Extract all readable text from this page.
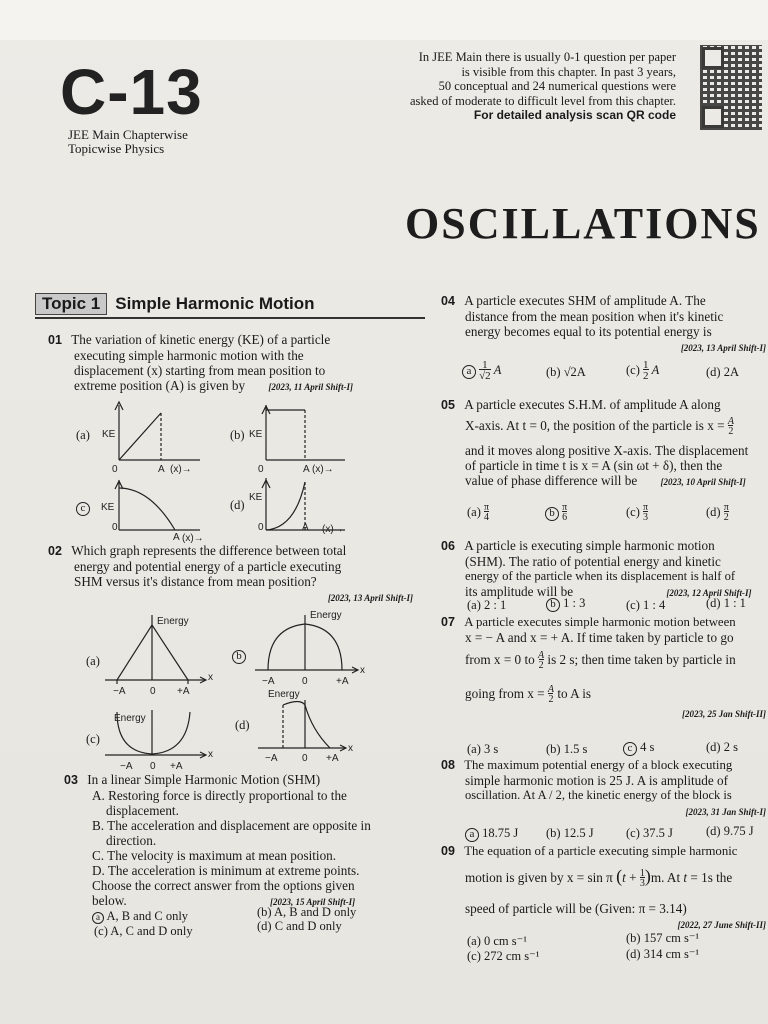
C-13
JEE Main Chapterwise
Topicwise Physics
In JEE Main there is usually 0-1 question per paper
is visible from this chapter. In past 3 years,
50 conceptual and 24 numerical questions were
asked of moderate to difficult level from this chapter.
For detailed analysis scan QR code
OSCILLATIONS
Topic 1 Simple Harmonic Motion
01 The variation of kinetic energy (KE) of a particle
executing simple harmonic motion with the
displacement (x) starting from mean position to
extreme position (A) is given by	[2023, 11 April Shift-I]
(a)	(b)
c	(d)
02 Which graph represents the difference between total
energy and potential energy of a particle executing
SHM versus it's distance from mean position?
[2023, 13 April Shift-I]
(a)	b
(c)
(d)
KE
0	A (x)→
KE
0	A (x)→
KE
0
A (x)→
KE
0	A (x)→
Energy
−A 0 +A
x
Energy
−A	0	+A
x
Energy
−A 0 +A
x
Energy
−A 0 +A
x
03 In a linear Simple Harmonic Motion (SHM)
A. Restoring force is directly proportional to the
displacement.
B. The acceleration and displacement are opposite in
direction.
C. The velocity is maximum at mean position.
D. The acceleration is minimum at extreme points.
Choose the correct answer from the options given
below.	[2023, 15 April Shift-I]
a A, B and C only	(b) A, B and D only
(c) A, C and D only	(d) C and D only
04 A particle executes SHM of amplitude A. The
distance from the mean position when it's kinetic
energy becomes equal to its potential energy is
[2023, 13 April Shift-I]
a 1
√2 A	(b) √2A	(c) 1
2 A	(d) 2A
05 A particle executes S.H.M. of amplitude A along
X-axis. At t = 0, the position of the particle is $x = \frac{A}{2}$
and it moves along positive X-axis. The displacement
of particle in time t is x = A (sin ωt + δ), then the
value of phase difference will be	[2023, 10 April Shift-I]
(a) π
4	b π
6	(c) π
3	(d) π
2
06 A particle is executing simple harmonic motion
(SHM). The ratio of potential energy and kinetic
energy of the particle when its displacement is half of
its amplitude will be	[2023, 12 April Shift-I]
(a) 2 : 1	b 1 : 3	(c) 1 : 4	(d) 1 : 1
07 A particle executes simple harmonic motion between
x = − A and x = + A. If time taken by particle to go
from x = 0 to $\frac{A}{2}$ is 2 s; then time taken by particle in
going from $x = \frac{A}{2}$ to A is
[2023, 25 Jan Shift-II]
(a) 3 s	(b) 1.5 s	c 4 s	(d) 2 s
08 The maximum potential energy of a block executing
simple harmonic motion is 25 J. A is amplitude of
oscillation. At A / 2, the kinetic energy of the block is
[2023, 31 Jan Shift-I]
a 18.75 J (b) 12.5 J	(c) 37.5 J	(d) 9.75 J
09 The equation of a particle executing simple harmonic
motion is given by x = sin π (t + 1
3)m. At t = 1s the
speed of particle will be (Given: π = 3.14)
[2022, 27 June Shift-II]
(a) 0 cm s⁻¹	(b) 157 cm s⁻¹
(c) 272 cm s⁻¹	(d) 314 cm s⁻¹
